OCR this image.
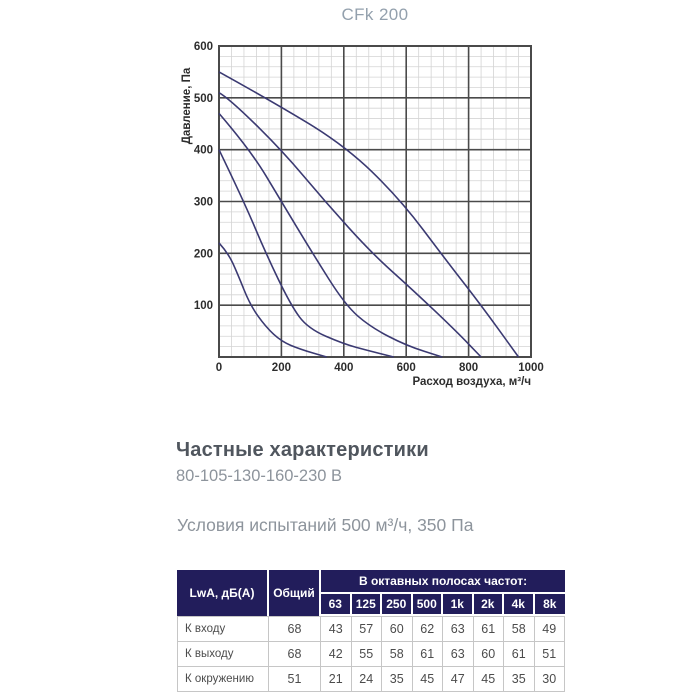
CFk 200
100
200
300
400
500
600
0	200	400	600	800	1000
Расход воздуха, м³/ч
Давление, Па
Частные характеристики
80-105-130-160-230 В
Условия испытаний 500 м³/ч, 350 Па
LwA, дБ(A)	Общий	В октавных полосах частот:							
		63	125	250	500	1k	2k	4k	8k
К входу	68	43	57	60	62	63	61	58	49
К выходу	68	42	55	58	61	63	60	61	51
К окружению	51	21	24	35	45	47	45	35	30
